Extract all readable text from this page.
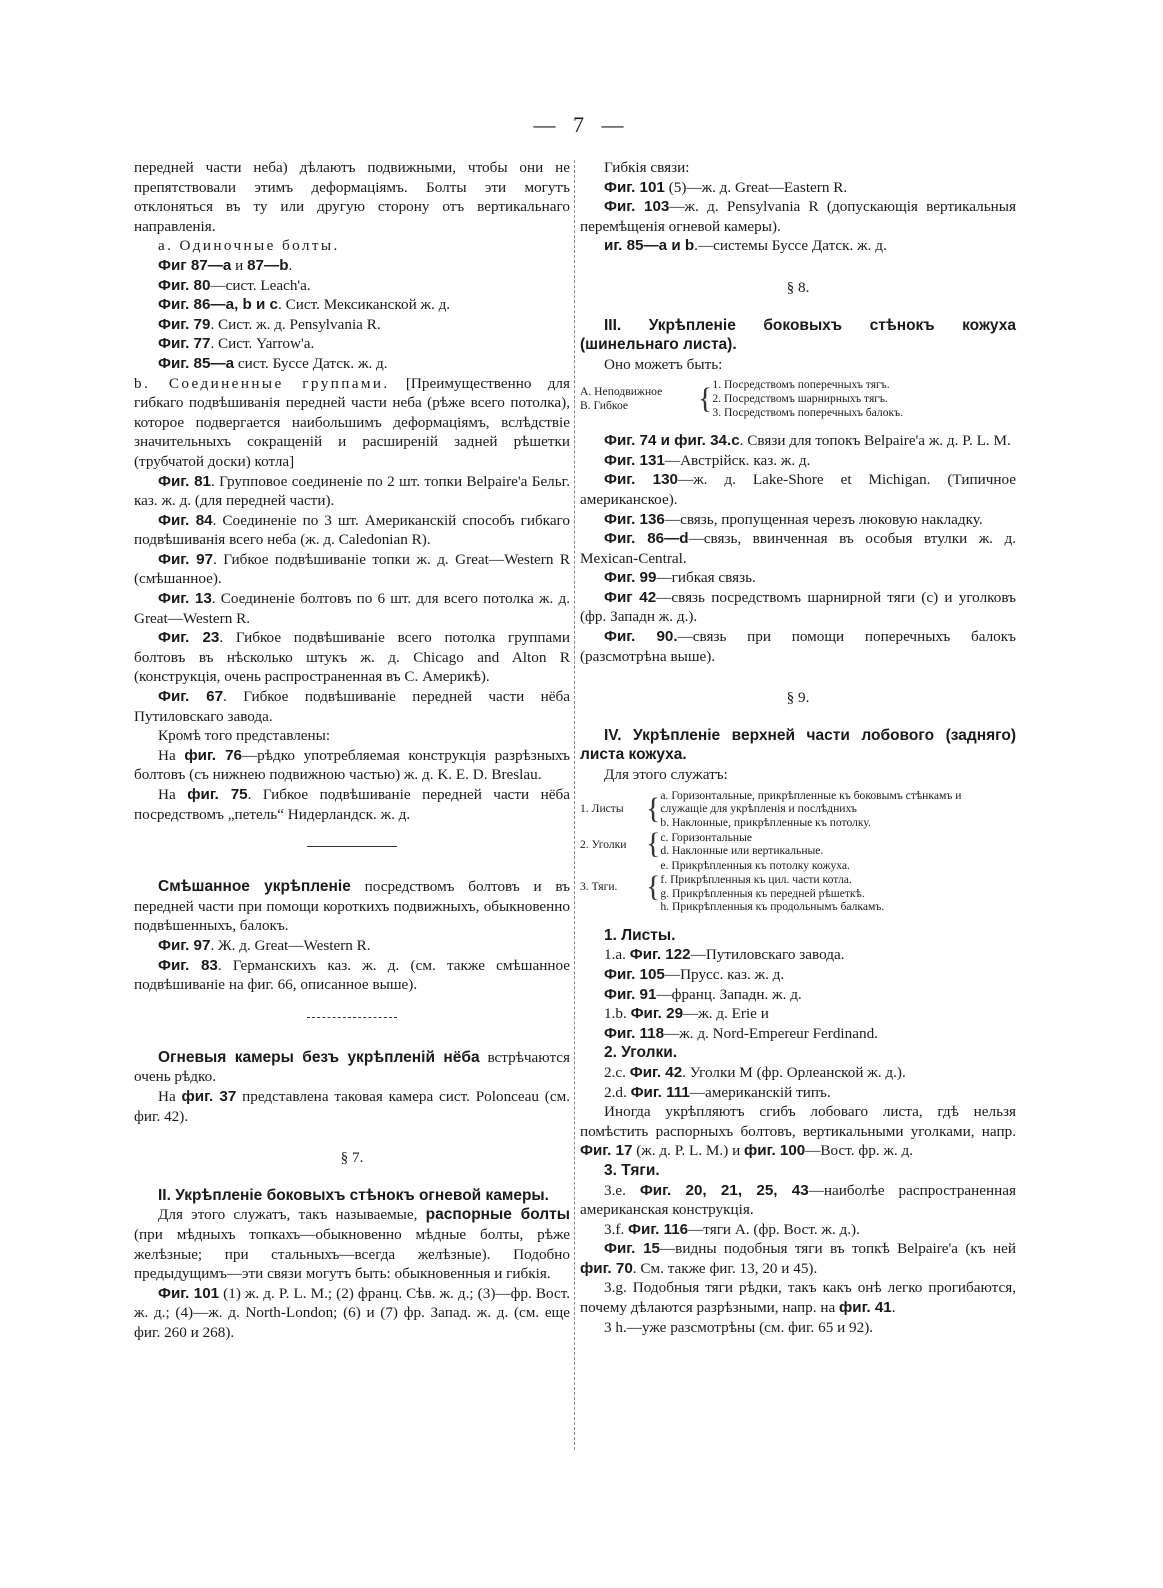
— 7 —

передней части неба) дѣлаютъ подвижными, чтобы они не препятствовали этимъ деформаціямъ. Болты эти могутъ отклоняться въ ту или другую сторону отъ вертикальнаго направленія.

а. Одиночные болты.

Фиг 87—a и 87—b.

Фиг. 80—сист. Leach'a.

Фиг. 86—a, b и c. Сист. Мексиканской ж. д.

Фиг. 79. Сист. ж. д. Pensylvania R.

Фиг. 77. Сист. Yarrow'a.

Фиг. 85—a сист. Буссе Датск. ж. д.

b. Соединенные группами. [Преимущественно для гибкаго подвѣшиванія передней части неба (рѣже всего потолка), которое подвергается наибольшимъ деформаціямъ, вслѣдствіе значительныхъ сокращеній и расширеній задней рѣшетки (трубчатой доски) котла]

Фиг. 81. Групповое соединеніе по 2 шт. топки Belpaire'a Бельг. каз. ж. д. (для передней части).

Фиг. 84. Соединеніе по 3 шт. Американскій способъ гибкаго подвѣшиванія всего неба (ж. д. Caledonian R).

Фиг. 97. Гибкое подвѣшиваніе топки ж. д. Great—Western R (смѣшанное).

Фиг. 13. Соединеніе болтовъ по 6 шт. для всего потолка ж. д. Great—Western R.

Фиг. 23. Гибкое подвѣшиваніе всего потолка группами болтовъ въ нѣсколько штукъ ж. д. Chicago and Alton R (конструкція, очень распространенная въ С. Америкѣ).

Фиг. 67. Гибкое подвѣшиваніе передней части нёба Путиловскаго завода.

Кромѣ того представлены:

На фиг. 76—рѣдко употребляемая конструкція разрѣзныхъ болтовъ (съ нижнею подвижною частью) ж. д. K. E. D. Breslau.

На фиг. 75. Гибкое подвѣшиваніе передней части нёба посредствомъ „петель“ Нидерландск. ж. д.

Смѣшанное укрѣпленіе посредствомъ болтовъ и въ передней части при помощи короткихъ подвижныхъ, обыкновенно подвѣшенныхъ, балокъ.

Фиг. 97. Ж. д. Great—Western R.

Фиг. 83. Германскихъ каз. ж. д. (см. также смѣшанное подвѣшиваніе на фиг. 66, описанное выше).

Огневыя камеры безъ укрѣпленій нёба встрѣчаются очень рѣдко.

На фиг. 37 представлена таковая камера сист. Polonceau (см. фиг. 42).

§ 7.

II. Укрѣпленіе боковыхъ стѣнокъ огневой камеры.

Для этого служатъ, такъ называемые, распорные болты (при мѣдныхъ топкахъ—обыкновенно мѣдные болты, рѣже желѣзные; при стальныхъ—всегда желѣзные). Подобно предыдущимъ—эти связи могутъ быть: обыкновенныя и гибкія.

Фиг. 101 (1) ж. д. P. L. M.; (2) франц. Сѣв. ж. д.; (3)—фр. Вост. ж. д.; (4)—ж. д. North-London; (6) и (7) фр. Запад. ж. д. (см. еще фиг. 260 и 268).

Гибкія связи:

Фиг. 101 (5)—ж. д. Great—Eastern R.

Фиг. 103—ж. д. Pensylvania R (допускающія вертикальныя перемѣщенія огневой камеры).

иг. 85—a и b.—системы Буссе Датск. ж. д.

§ 8.

III. Укрѣпленіе боковыхъ стѣнокъ кожуха (шинельнаго листа).

Оно можетъ быть:

A. Неподвижное
B. Гибкое	{	1. Посредствомъ поперечныхъ тягъ.
2. Посредствомъ шарнирныхъ тягъ.
3. Посредствомъ поперечныхъ балокъ.

Фиг. 74 и фиг. 34.c. Связи для топокъ Belpaire'a ж. д. P. L. M.

Фиг. 131—Австрійск. каз. ж. д.

Фиг. 130—ж. д. Lake-Shore et Michigan. (Типичное американское).

Фиг. 136—связь, пропущенная черезъ люковую накладку.

Фиг. 86—d—связь, ввинченная въ особыя втулки ж. д. Mexican-Central.

Фиг. 99—гибкая связь.

Фиг 42—связь посредствомъ шарнирной тяги (с) и уголковъ (фр. Западн ж. д.).

Фиг. 90.—связь при помощи поперечныхъ балокъ (разсмотрѣна выше).

§ 9.

IV. Укрѣпленіе верхней части лобового (задняго) листа кожуха.

Для этого служатъ:

1. Листы	{	a. Горизонтальные, прикрѣпленные къ боковымъ стѣнкамъ и служащіе для укрѣпленія и послѣднихъ
b. Наклонные, прикрѣпленные къ потолку.

2. Уголки	{	c. Горизонтальные
d. Наклонные или вертикальные.

3. Тяги.	{	e. Прикрѣпленныя къ потолку кожуха.
f. Прикрѣпленныя къ цил. части котла.
g. Прикрѣпленныя къ передней рѣшеткѣ.
h. Прикрѣпленныя къ продольнымъ балкамъ.

1. Листы.

1.a. Фиг. 122—Путиловскаго завода.

Фиг. 105—Прусс. каз. ж. д.

Фиг. 91—франц. Западн. ж. д.

1.b. Фиг. 29—ж. д. Erie и

Фиг. 118—ж. д. Nord-Empereur Ferdinand.

2. Уголки.

2.c. Фиг. 42. Уголки M (фр. Орлеанской ж. д.).

2.d. Фиг. 111—американскій типъ.

Иногда укрѣпляютъ сгибъ лобоваго листа, гдѣ нельзя помѣстить распорныхъ болтовъ, вертикальными уголками, напр. Фиг. 17 (ж. д. P. L. M.) и фиг. 100—Вост. фр. ж. д.

3. Тяги.

3.e. Фиг. 20, 21, 25, 43—наиболѣе распространенная американская конструкція.

3.f. Фиг. 116—тяги A. (фр. Вост. ж. д.).

Фиг. 15—видны подобныя тяги въ топкѣ Belpaire'a (къ ней фиг. 70. См. также фиг. 13, 20 и 45).

3.g. Подобныя тяги рѣдки, такъ какъ онѣ легко прогибаются, почему дѣлаются разрѣзными, напр. на фиг. 41.

3 h.—уже разсмотрѣны (см. фиг. 65 и 92).
